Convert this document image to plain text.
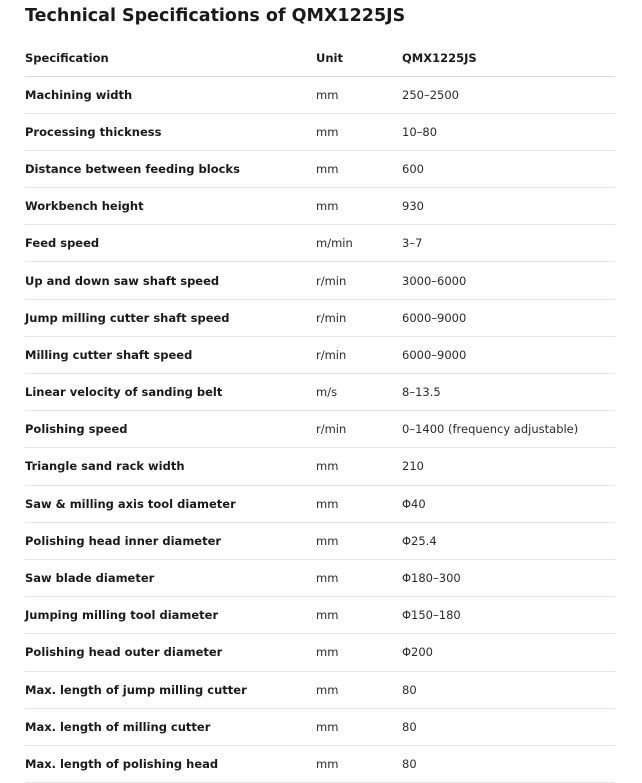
Technical Specifications of QMX1225JS
Specification	Unit	QMX1225JS
Machining width	mm	250–2500
Processing thickness	mm	10–80
Distance between feeding blocks	mm	600
Workbench height	mm	930
Feed speed	m/min	3–7
Up and down saw shaft speed	r/min	3000–6000
Jump milling cutter shaft speed	r/min	6000–9000
Milling cutter shaft speed	r/min	6000–9000
Linear velocity of sanding belt	m/s	8–13.5
Polishing speed	r/min	0–1400 (frequency adjustable)
Triangle sand rack width	mm	210
Saw & milling axis tool diameter	mm	Φ40
Polishing head inner diameter	mm	Φ25.4
Saw blade diameter	mm	Φ180–300
Jumping milling tool diameter	mm	Φ150–180
Polishing head outer diameter	mm	Φ200
Max. length of jump milling cutter	mm	80
Max. length of milling cutter	mm	80
Max. length of polishing head	mm	80
